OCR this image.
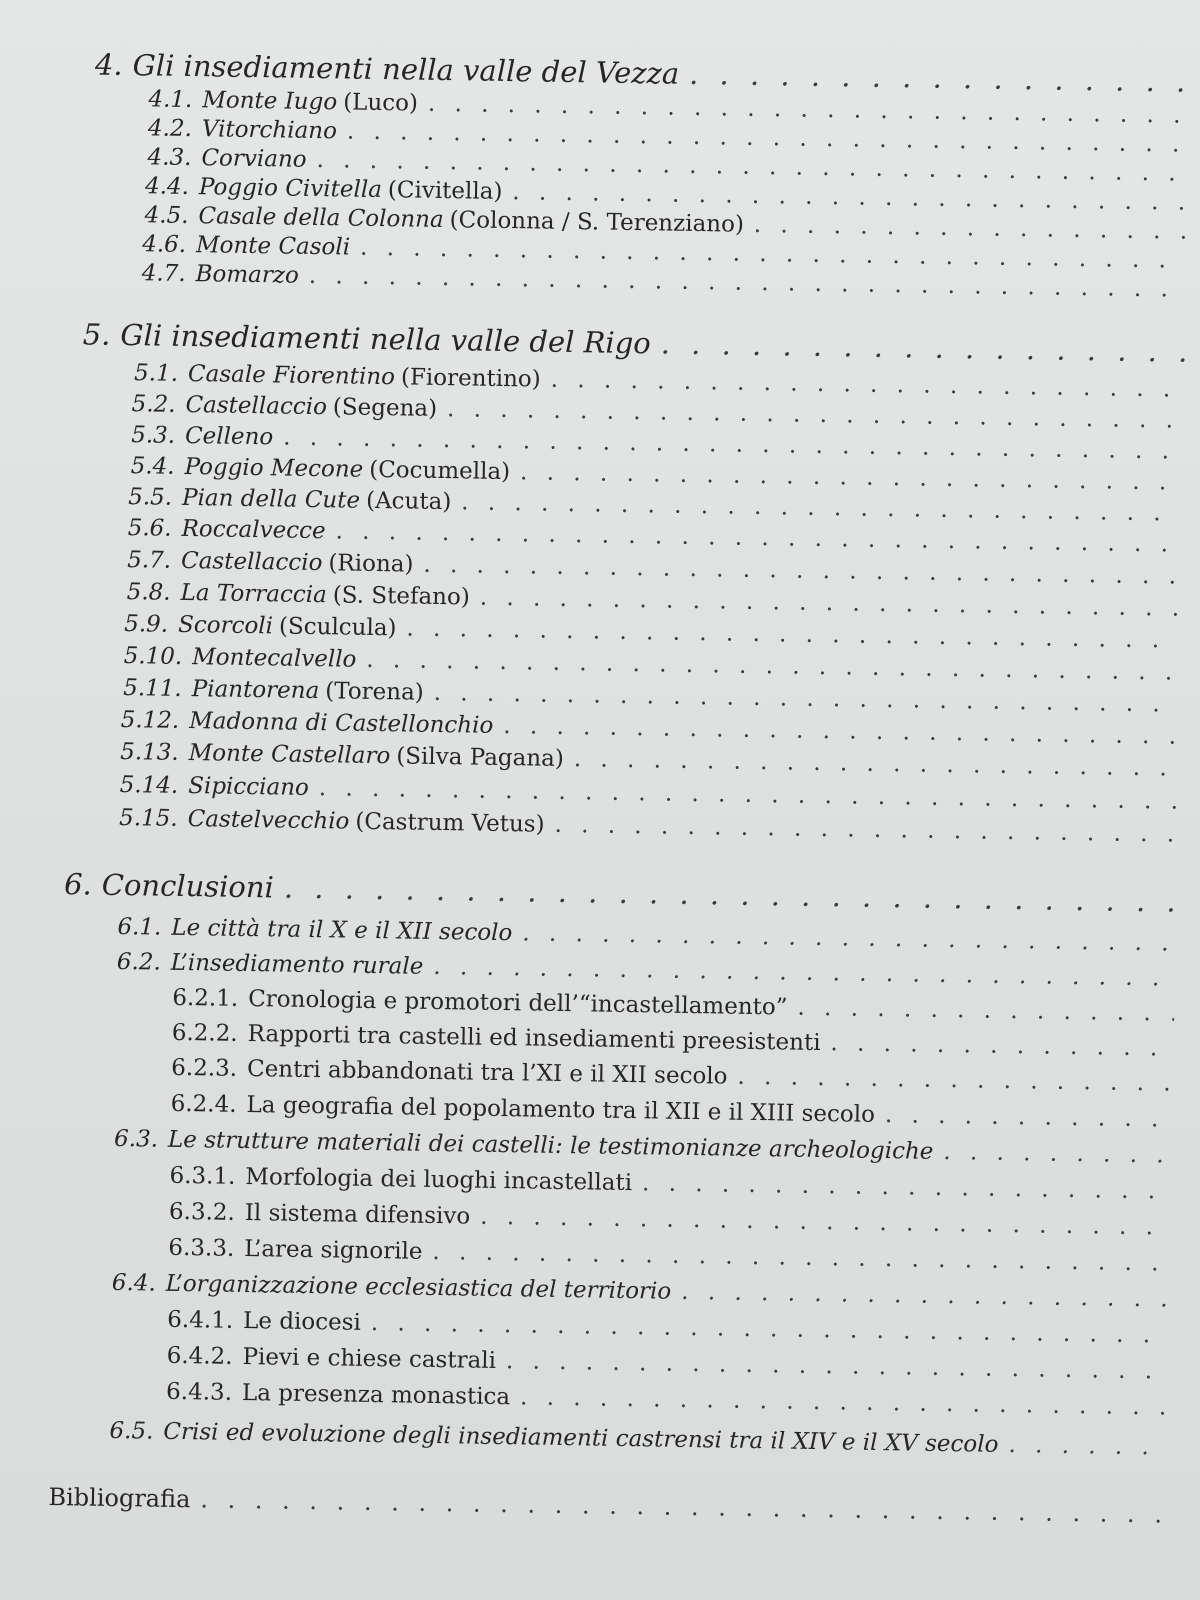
4. Gli insediamenti nella valle del Vezza
. . .
4.1. Monte Iugo (Luco)
. . .
4.2. Vitorchiano
. . .
4.3. Corviano
. . .
4.4. Poggio Civitella (Civitella)
. . .
4.5. Casale della Colonna (Colonna / S. Terenziano)
. . .
4.6. Monte Casoli
. . .
4.7. Bomarzo
. . .
5. Gli insediamenti nella valle del Rigo
. . .
5.1. Casale Fiorentino (Fiorentino)
. . .
5.2. Castellaccio (Segena)
. . .
5.3. Celleno
. . .
5.4. Poggio Mecone (Cocumella)
. . .
5.5. Pian della Cute (Acuta)
. . .
5.6. Roccalvecce
. . .
5.7. Castellaccio (Riona)
. . .
5.8. La Torraccia (S. Stefano)
. . .
5.9. Scorcoli (Sculcula)
. . .
5.10. Montecalvello
. . .
5.11. Piantorena (Torena)
. . .
5.12. Madonna di Castellonchio
. . .
5.13. Monte Castellaro (Silva Pagana)
. . .
5.14. Sipicciano
. . .
5.15. Castelvecchio (Castrum Vetus)
. . .
6. Conclusioni
. . .
6.1. Le città tra il X e il XII secolo
. . .
6.2. L’insediamento rurale
. . .
6.2.1. Cronologia e promotori dell’“incastellamento”
. . .
6.2.2. Rapporti tra castelli ed insediamenti preesistenti
. . .
6.2.3. Centri abbandonati tra l’XI e il XII secolo
. . .
6.2.4. La geografia del popolamento tra il XII e il XIII secolo
. . .
6.3. Le strutture materiali dei castelli: le testimonianze archeologiche
. . .
6.3.1. Morfologia dei luoghi incastellati
. . .
6.3.2. Il sistema difensivo
. . .
6.3.3. L’area signorile
. . .
6.4. L’organizzazione ecclesiastica del territorio
. . .
6.4.1. Le diocesi
. . .
6.4.2. Pievi e chiese castrali
. . .
6.4.3. La presenza monastica
. . .
6.5. Crisi ed evoluzione degli insediamenti castrensi tra il XIV e il XV secolo
. . .
Bibliografia
. . .
